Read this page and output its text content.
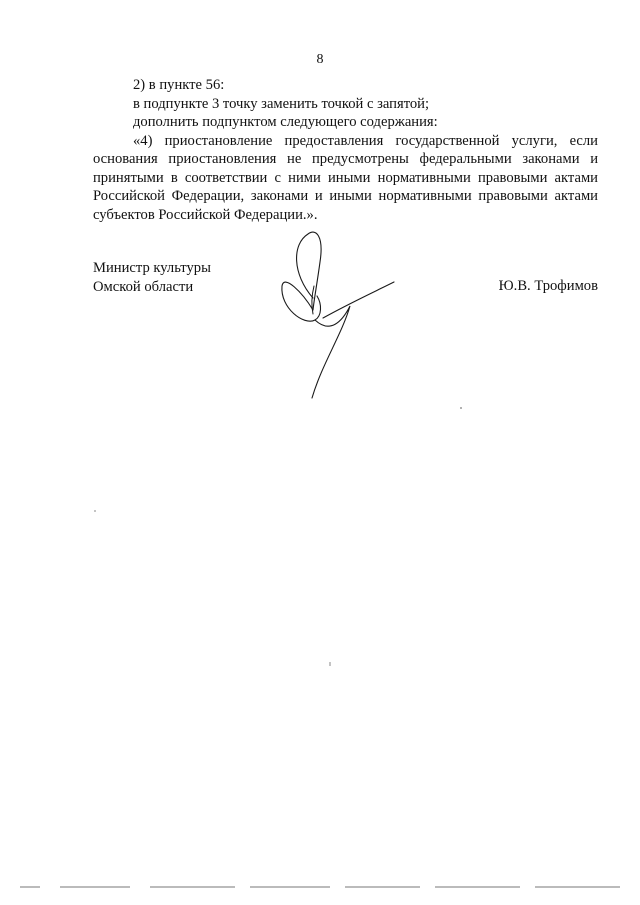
8

2) в пункте 56:

в подпункте 3 точку заменить точкой с запятой;

дополнить подпунктом следующего содержания:

«4) приостановление предоставления государственной услуги, если основания приостановления не предусмотрены федеральными законами и принятыми в соответствии с ними иными нормативными правовыми актами Российской Федерации, законами и иными нормативными правовыми актами субъектов Российской Федерации.».

Министр культуры
Омской области	Ю.В. Трофимов
